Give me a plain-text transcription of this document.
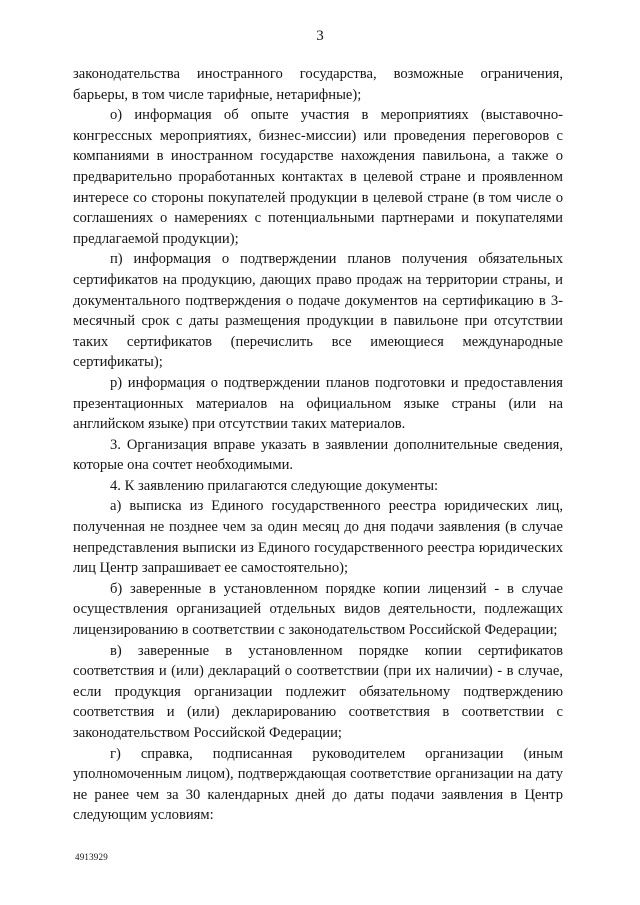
3

законодательства иностранного государства, возможные ограничения, барьеры, в том числе тарифные, нетарифные);

о) информация об опыте участия в мероприятиях (выставочно-конгрессных мероприятиях, бизнес-миссии) или проведения переговоров с компаниями в иностранном государстве нахождения павильона, а также о предварительно проработанных контактах в целевой стране и проявленном интересе со стороны покупателей продукции в целевой стране (в том числе о соглашениях о намерениях с потенциальными партнерами и покупателями предлагаемой продукции);

п) информация о подтверждении планов получения обязательных сертификатов на продукцию, дающих право продаж на территории страны, и документального подтверждения о подаче документов на сертификацию в 3-месячный срок с даты размещения продукции в павильоне при отсутствии таких сертификатов (перечислить все имеющиеся международные сертификаты);

р) информация о подтверждении планов подготовки и предоставления презентационных материалов на официальном языке страны (или на английском языке) при отсутствии таких материалов.

3. Организация вправе указать в заявлении дополнительные сведения, которые она сочтет необходимыми.

4. К заявлению прилагаются следующие документы:

а) выписка из Единого государственного реестра юридических лиц, полученная не позднее чем за один месяц до дня подачи заявления (в случае непредставления выписки из Единого государственного реестра юридических лиц Центр запрашивает ее самостоятельно);

б) заверенные в установленном порядке копии лицензий - в случае осуществления организацией отдельных видов деятельности, подлежащих лицензированию в соответствии с законодательством Российской Федерации;

в) заверенные в установленном порядке копии сертификатов соответствия и (или) деклараций о соответствии (при их наличии) - в случае, если продукция организации подлежит обязательному подтверждению соответствия и (или) декларированию соответствия в соответствии с законодательством Российской Федерации;

г) справка, подписанная руководителем организации (иным уполномоченным лицом), подтверждающая соответствие организации на дату не ранее чем за 30 календарных дней до даты подачи заявления в Центр следующим условиям:

4913929
